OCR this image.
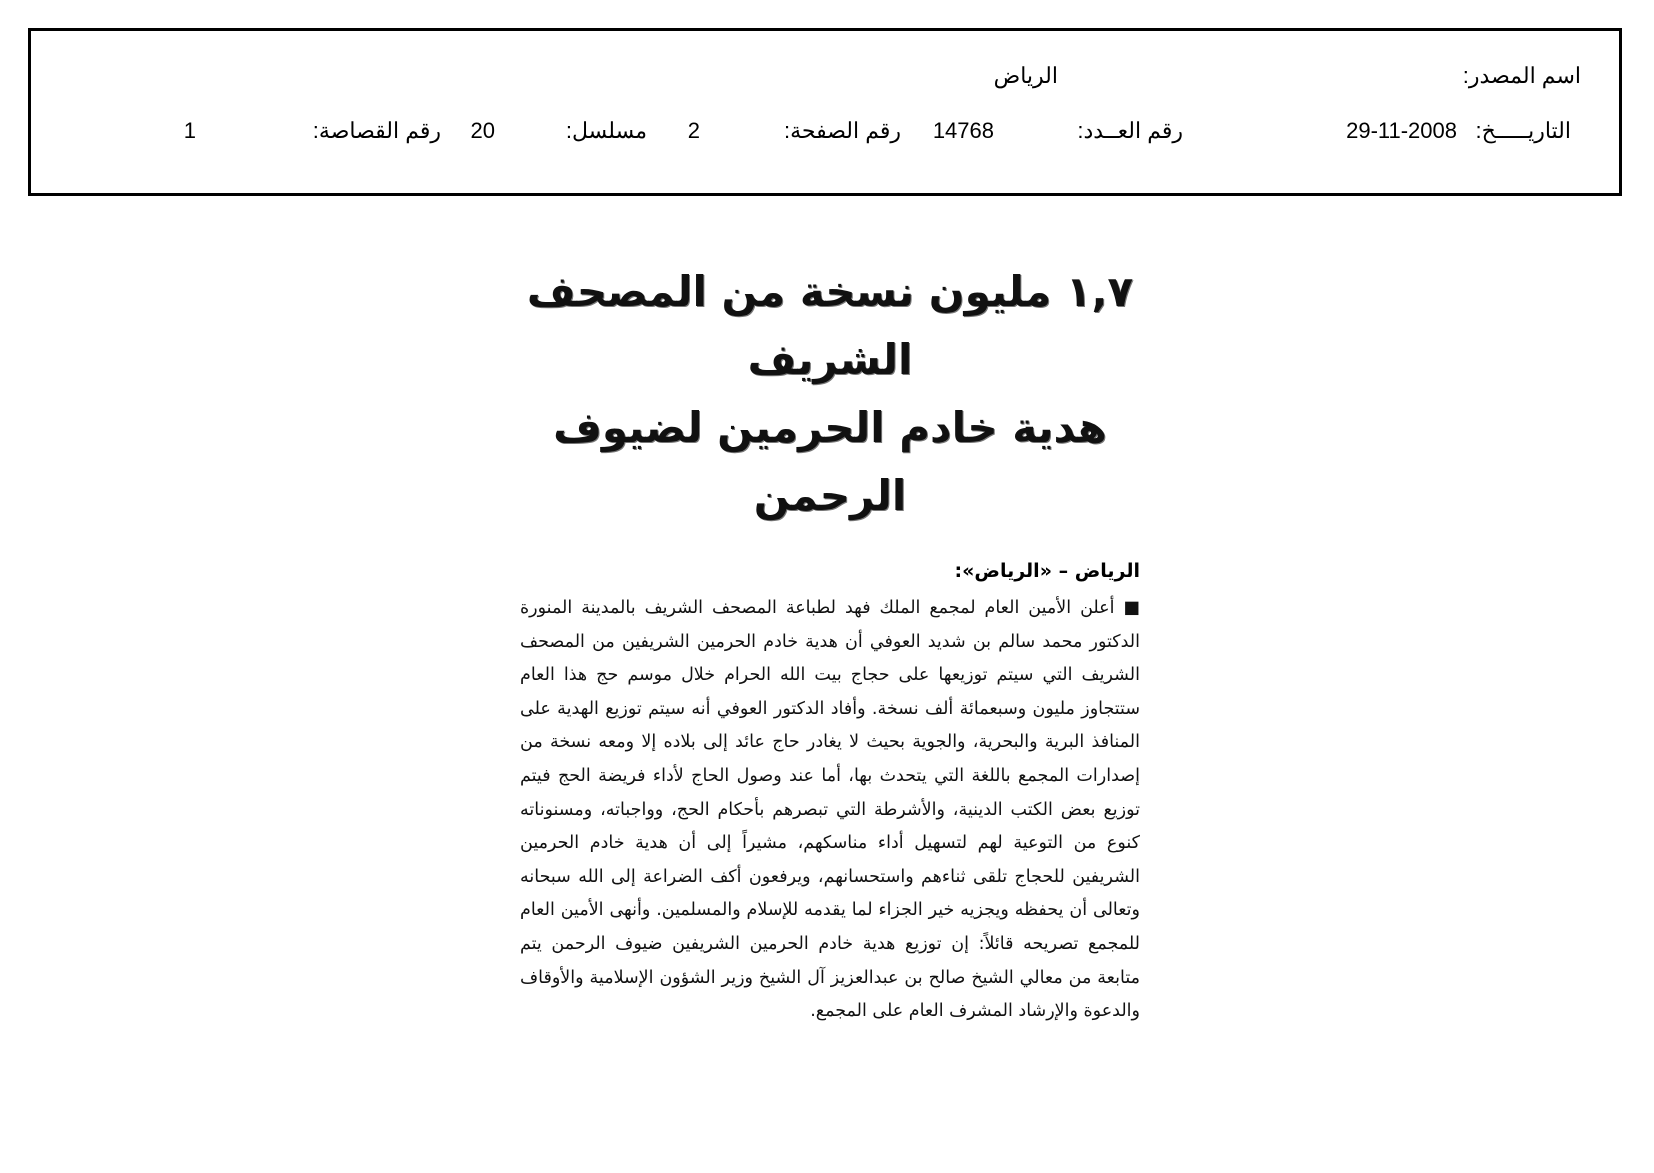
اسم المصدر:
الرياض
التاريـــــخ:
29-11-2008
رقم العــدد:
14768
رقم الصفحة:
2
مسلسل:
20
رقم القصاصة:
1
١,٧ مليون نسخة من المصحف الشريف
هدية خادم الحرمين لضيوف الرحمن
الرياض – «الرياض»:

■ أعلن الأمين العام لمجمع الملك فهد لطباعة المصحف الشريف بالمدينة المنورة الدكتور محمد سالم بن شديد العوفي أن هدية خادم الحرمين الشريفين من المصحف الشريف التي سيتم توزيعها على حجاج بيت الله الحرام خلال موسم حج هذا العام ستتجاوز مليون وسبعمائة ألف نسخة. وأفاد الدكتور العوفي أنه سيتم توزيع الهدية على المنافذ البرية والبحرية، والجوية بحيث لا يغادر حاج عائد إلى بلاده إلا ومعه نسخة من إصدارات المجمع باللغة التي يتحدث بها، أما عند وصول الحاج لأداء فريضة الحج فيتم توزيع بعض الكتب الدينية، والأشرطة التي تبصرهم بأحكام الحج، وواجباته، ومسنوناته كنوع من التوعية لهم لتسهيل أداء مناسكهم، مشيراً إلى أن هدية خادم الحرمين الشريفين للحجاج تلقى ثناءهم واستحسانهم، ويرفعون أكف الضراعة إلى الله سبحانه وتعالى أن يحفظه ويجزيه خير الجزاء لما يقدمه للإسلام والمسلمين. وأنهى الأمين العام للمجمع تصريحه قائلاً: إن توزيع هدية خادم الحرمين الشريفين ضيوف الرحمن يتم متابعة من معالي الشيخ صالح بن عبدالعزيز آل الشيخ وزير الشؤون الإسلامية والأوقاف والدعوة والإرشاد المشرف العام على المجمع.
